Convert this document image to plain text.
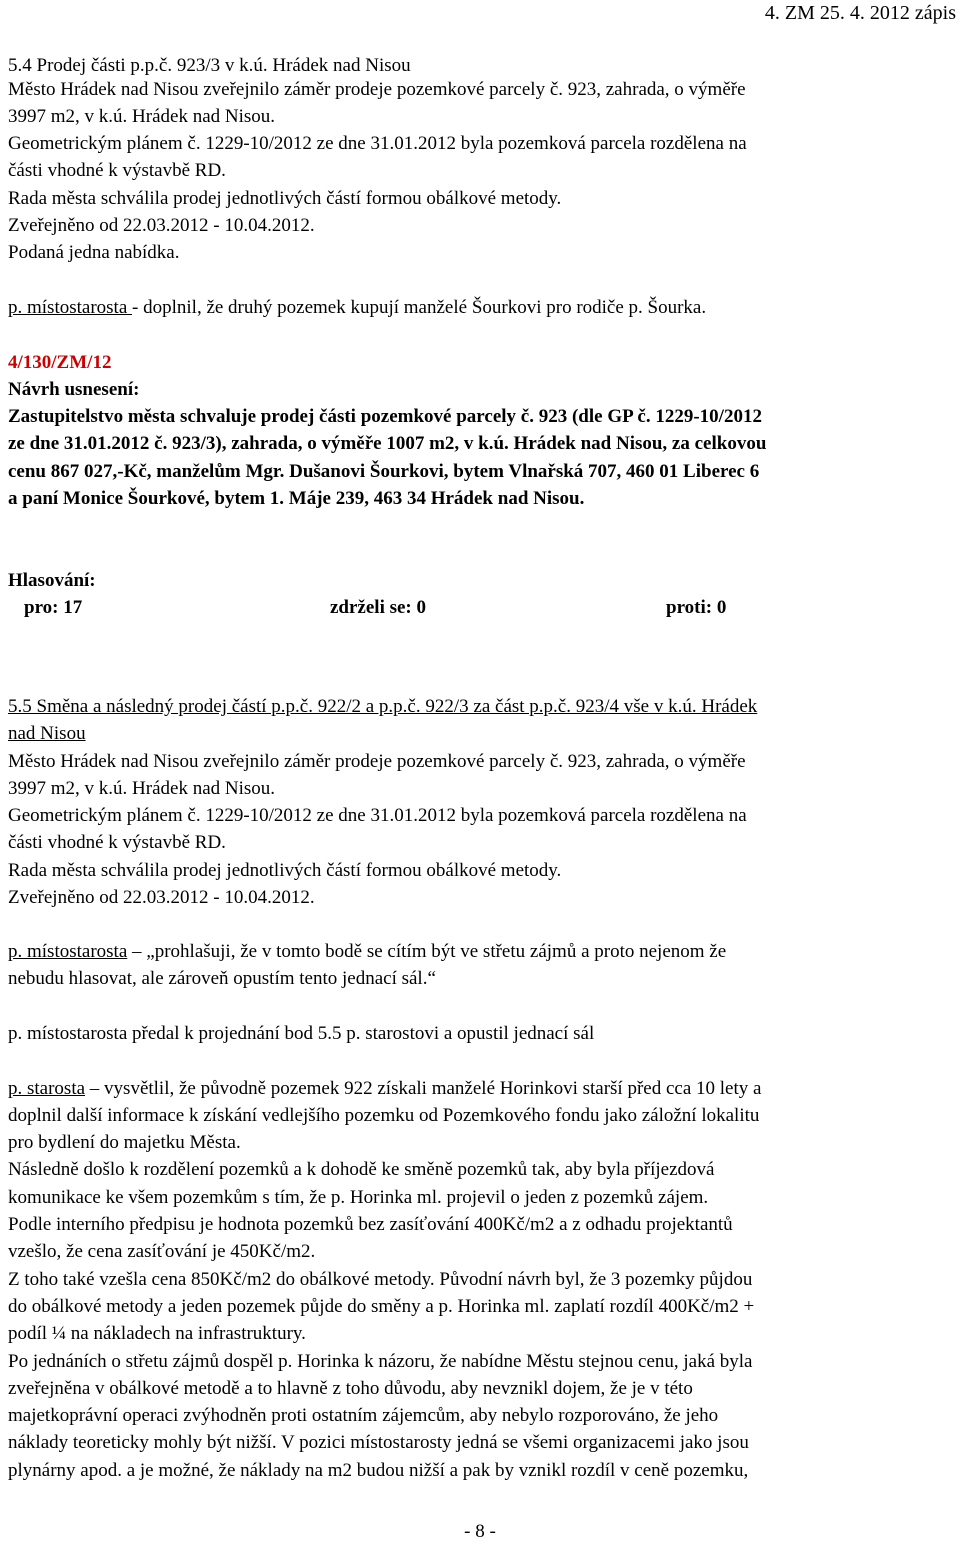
4. ZM 25. 4. 2012 zápis
5.4 Prodej části p.p.č. 923/3 v k.ú. Hrádek nad Nisou
Město Hrádek nad Nisou zveřejnilo záměr prodeje pozemkové parcely č. 923, zahrada, o výměře
3997 m2, v k.ú. Hrádek nad Nisou.
Geometrickým plánem č. 1229-10/2012 ze dne 31.01.2012 byla pozemková parcela rozdělena na
části vhodné k výstavbě RD.
Rada města schválila prodej jednotlivých částí formou obálkové metody.
Zveřejněno od 22.03.2012 - 10.04.2012.
Podaná jedna nabídka.
p. místostarosta - doplnil, že druhý pozemek kupují manželé Šourkovi pro rodiče p. Šourka.
4/130/ZM/12
Návrh usnesení:
Zastupitelstvo města schvaluje prodej části pozemkové parcely č. 923 (dle GP č. 1229-10/2012
ze dne 31.01.2012 č. 923/3), zahrada, o výměře 1007 m2, v k.ú. Hrádek nad Nisou, za celkovou
cenu 867 027,-Kč, manželům Mgr. Dušanovi Šourkovi, bytem Vlnařská 707, 460 01 Liberec 6
a paní Monice Šourkové, bytem 1. Máje 239, 463 34 Hrádek nad Nisou.
Hlasování:
pro: 17	zdrželi se: 0	proti: 0
5.5 Směna a následný prodej částí p.p.č. 922/2 a p.p.č. 922/3 za část p.p.č. 923/4 vše v k.ú. Hrádek
nad Nisou
Město Hrádek nad Nisou zveřejnilo záměr prodeje pozemkové parcely č. 923, zahrada, o výměře
3997 m2, v k.ú. Hrádek nad Nisou.
Geometrickým plánem č. 1229-10/2012 ze dne 31.01.2012 byla pozemková parcela rozdělena na
části vhodné k výstavbě RD.
Rada města schválila prodej jednotlivých částí formou obálkové metody.
Zveřejněno od 22.03.2012 - 10.04.2012.
p. místostarosta – „prohlašuji, že v tomto bodě se cítím být ve střetu zájmů a proto nejenom že
nebudu hlasovat, ale zároveň opustím tento jednací sál.“
p. místostarosta předal k projednání bod 5.5 p. starostovi a opustil jednací sál
p. starosta – vysvětlil, že původně pozemek 922 získali manželé Horinkovi starší před cca 10 lety a
doplnil další informace k získání vedlejšího pozemku od Pozemkového fondu jako záložní lokalitu
pro bydlení do majetku Města.
Následně došlo k rozdělení pozemků a k dohodě ke směně pozemků tak, aby byla příjezdová
komunikace ke všem pozemkům s tím, že p. Horinka ml. projevil o jeden z pozemků zájem.
Podle interního předpisu je hodnota pozemků bez zasíťování 400Kč/m2 a z odhadu projektantů
vzešlo, že cena zasíťování je 450Kč/m2.
Z toho také vzešla cena 850Kč/m2 do obálkové metody. Původní návrh byl, že 3 pozemky půjdou
do obálkové metody a jeden pozemek půjde do směny a p. Horinka ml. zaplatí rozdíl 400Kč/m2 +
podíl ¼ na nákladech na infrastruktury.
Po jednáních o střetu zájmů dospěl p. Horinka k názoru, že nabídne Městu stejnou cenu, jaká byla
zveřejněna v obálkové metodě a to hlavně z toho důvodu, aby nevznikl dojem, že je v této
majetkoprávní operaci zvýhodněn proti ostatním zájemcům, aby nebylo rozporováno, že jeho
náklady teoreticky mohly být nižší. V pozici místostarosty jedná se všemi organizacemi jako jsou
plynárny apod. a je možné, že náklady na m2 budou nižší a pak by vznikl rozdíl v ceně pozemku,
- 8 -
